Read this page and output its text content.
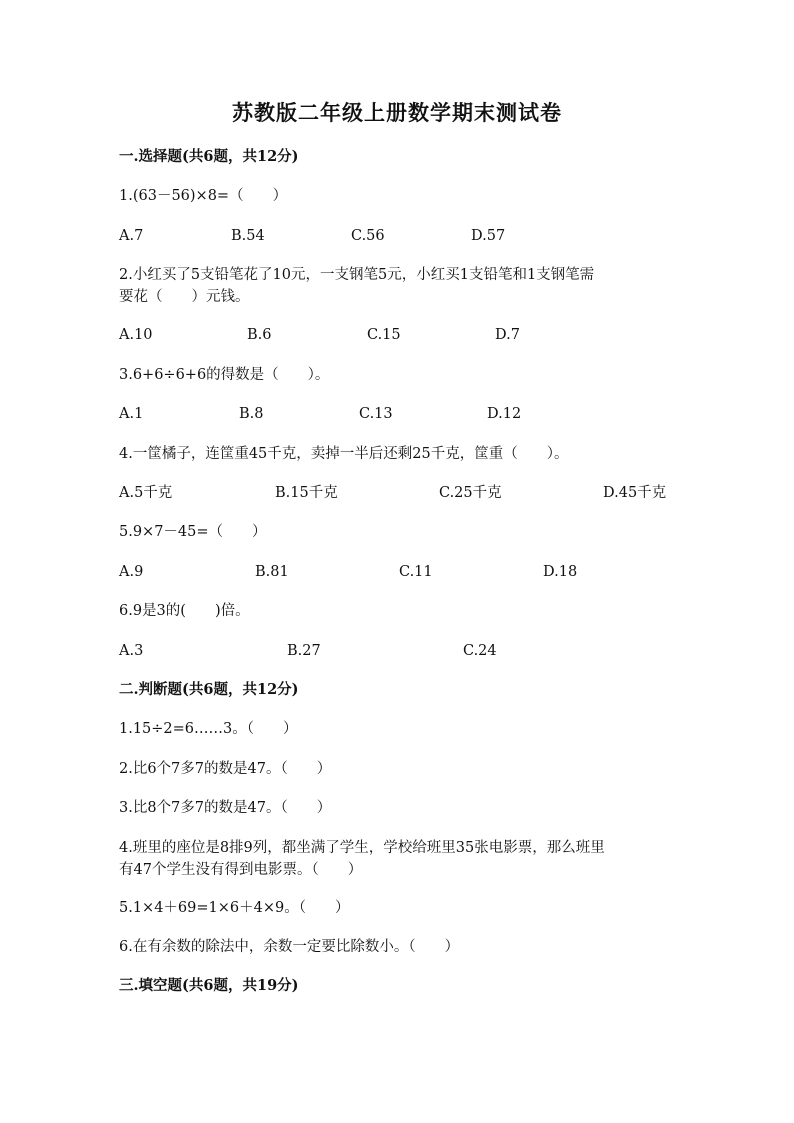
苏教版二年级上册数学期末测试卷
一.选择题(共6题，共12分)
1.(63－56)×8=（　　）
A.7	B.54	C.56	D.57
2.小红买了5支铅笔花了10元，一支钢笔5元，小红买1支铅笔和1支钢笔需
要花（　　）元钱。
A.10	B.6	C.15	D.7
3.6+6÷6+6的得数是（　　）。
A.1	B.8	C.13	D.12
4.一筐橘子，连筐重45千克，卖掉一半后还剩25千克，筐重（　　）。
A.5千克	B.15千克	C.25千克	D.45千克
5.9×7－45=（　　）
A.9	B.81	C.11	D.18
6.9是3的(　　)倍。
A.3	B.27	C.24
二.判断题(共6题，共12分)
1.15÷2=6……3。（　　）
2.比6个7多7的数是47。（　　）
3.比8个7多7的数是47。（　　）
4.班里的座位是8排9列，都坐满了学生，学校给班里35张电影票，那么班里
有47个学生没有得到电影票。（　　）
5.1×4＋69=1×6＋4×9。（　　）
6.在有余数的除法中，余数一定要比除数小。（　　）
三.填空题(共6题，共19分)
